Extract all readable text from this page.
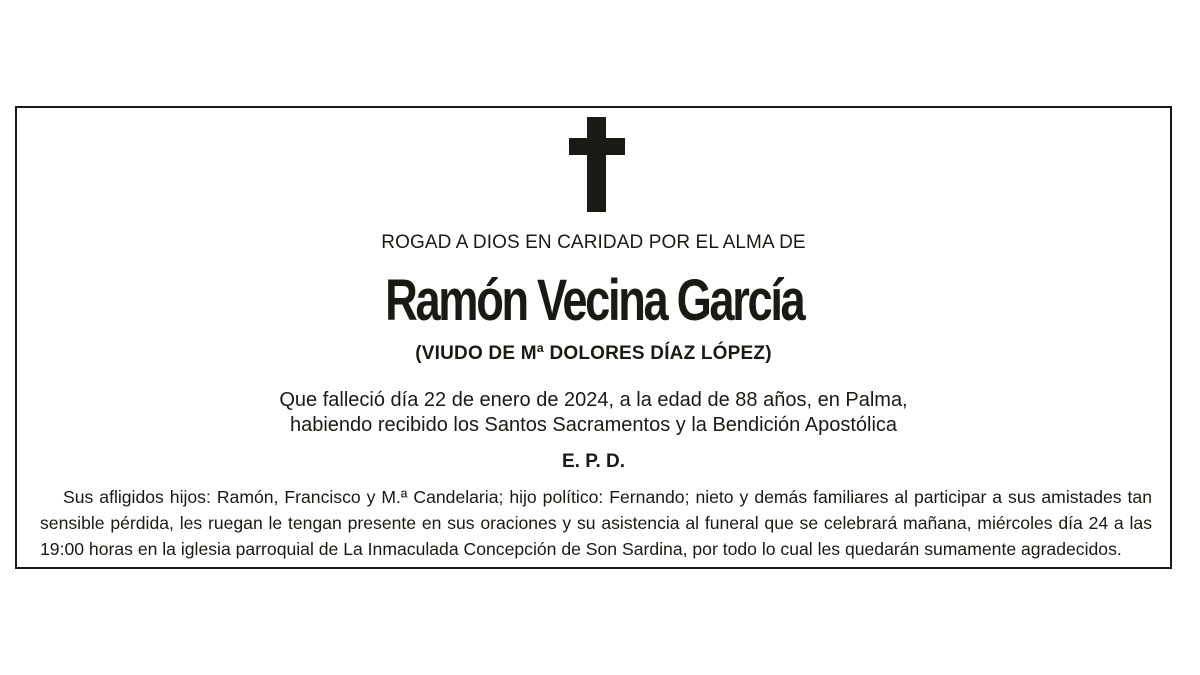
ROGAD A DIOS EN CARIDAD POR EL ALMA DE
Ramón Vecina García
(VIUDO DE Mª DOLORES DÍAZ LÓPEZ)
Que falleció día 22 de enero de 2024, a la edad de 88 años, en Palma,
habiendo recibido los Santos Sacramentos y la Bendición Apostólica
E. P. D.

Sus afligidos hijos: Ramón, Francisco y M.ª Candelaria; hijo político: Fernando; nieto y demás familiares al participar a sus amistades tan sensible pérdida, les ruegan le tengan presente en sus oraciones y su asistencia al funeral que se celebrará mañana, miércoles día 24 a las 19:00 horas en la iglesia parroquial de La Inmaculada Concepción de Son Sardina, por todo lo cual les quedarán sumamente agradecidos.
